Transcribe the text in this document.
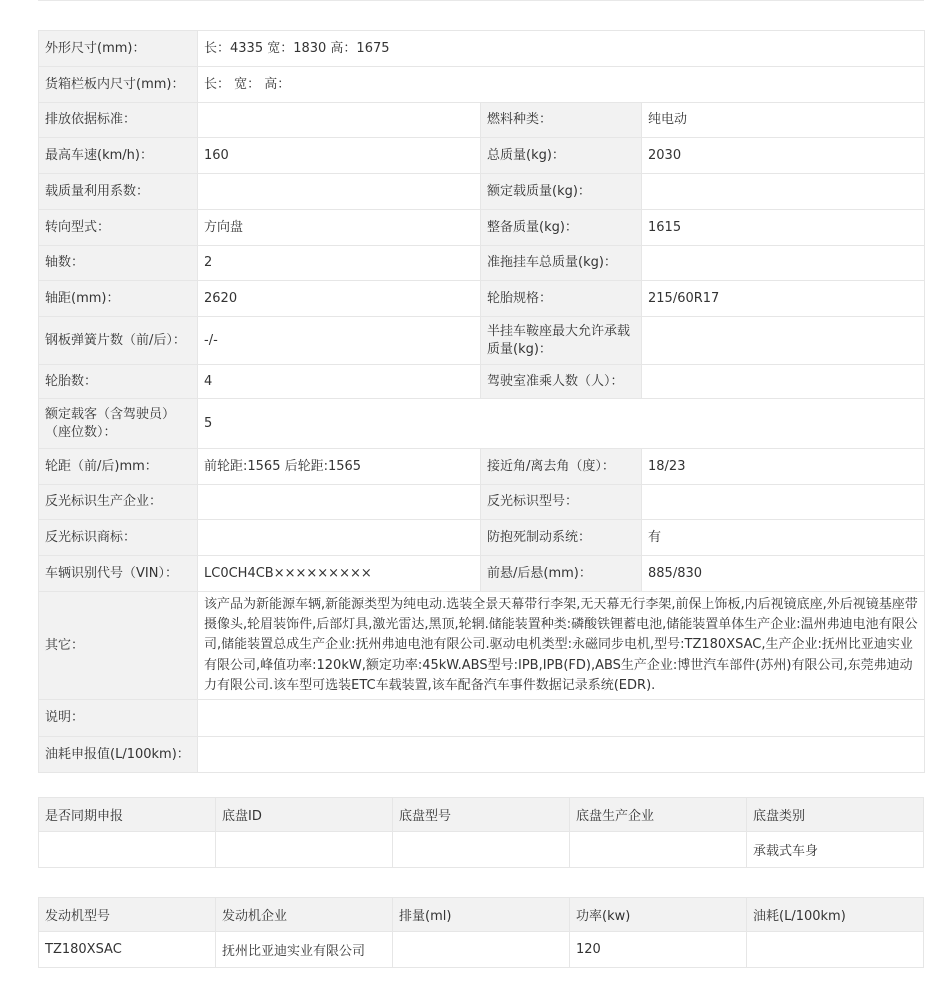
外形尺寸(mm)：	长：4335 宽：1830 高：1675		
货箱栏板内尺寸(mm)：	长： 宽： 高：		
排放依据标准：		燃料种类：	纯电动
最高车速(km/h)：	160	总质量(kg)：	2030
载质量利用系数：		额定载质量(kg)：	
转向型式：	方向盘	整备质量(kg)：	1615
轴数：	2	准拖挂车总质量(kg)：	
轴距(mm)：	2620	轮胎规格：	215/60R17
钢板弹簧片数（前/后）：	-/-	半挂车鞍座最大允许承载质量(kg)：	
轮胎数：	4	驾驶室准乘人数（人）：	
额定载客（含驾驶员）（座位数）：	5		
轮距（前/后)mm：	前轮距:1565 后轮距:1565	接近角/离去角（度）：	18/23
反光标识生产企业：		反光标识型号：	
反光标识商标：		防抱死制动系统：	有
车辆识别代号（VIN）：	LC0CH4CB×××××××××	前悬/后悬(mm)：	885/830
其它：	该产品为新能源车辆,新能源类型为纯电动.选装全景天幕带行李架,无天幕无行李架,前保上饰板,内后视镜底座,外后视镜基座带摄像头,轮眉装饰件,后部灯具,激光雷达,黑顶,轮辋.储能装置种类:磷酸铁锂蓄电池,储能装置单体生产企业:温州弗迪电池有限公司,储能装置总成生产企业:抚州弗迪电池有限公司.驱动电机类型:永磁同步电机,型号:TZ180XSAC,生产企业:抚州比亚迪实业有限公司,峰值功率:120kW,额定功率:45kW.ABS型号:IPB,IPB(FD),ABS生产企业:博世汽车部件(苏州)有限公司,东莞弗迪动力有限公司.该车型可选装ETC车载装置,该车配备汽车事件数据记录系统(EDR).		
说明：			
油耗申报值(L/100km)：			
是否同期申报	底盘ID	底盘型号	底盘生产企业	底盘类别
				承载式车身
发动机型号	发动机企业	排量(ml)	功率(kw)	油耗(L/100km)
TZ180XSAC	抚州比亚迪实业有限公司		120	
